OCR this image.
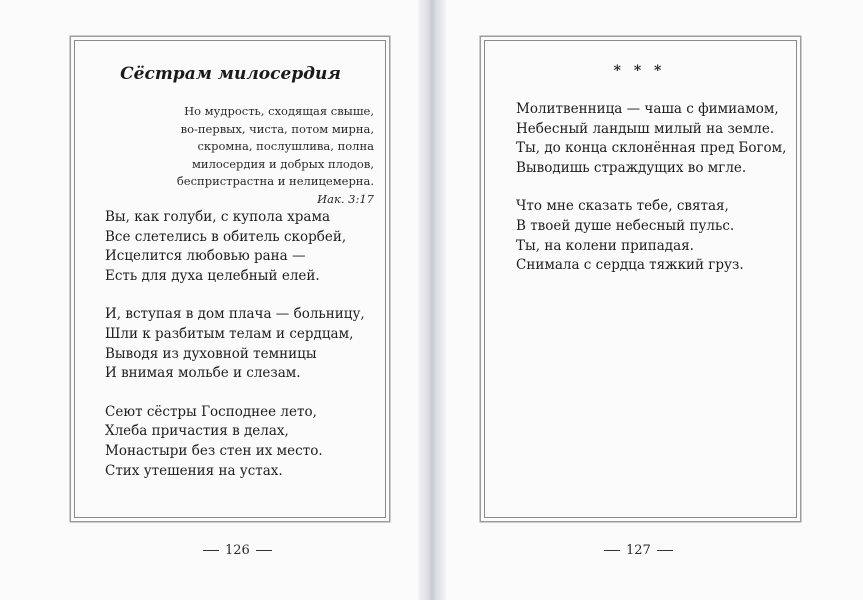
Сёстрам милосердия
Но мудрость, сходящая свыше,
во-первых, чиста, потом мирна,
скромна, послушлива, полна
милосердия и добрых плодов,
беспристрастна и нелицемерна.
Иак. 3:17
Вы, как голуби, с купола храма
Все слетелись в обитель скорбей,
Исцелится любовью рана —
Есть для духа целебный елей.
И, вступая в дом плача — больницу,
Шли к разбитым телам и сердцам,
Выводя из духовной темницы
И внимая мольбе и слезам.
Сеют сёстры Господнее лето,
Хлеба причастия в делах,
Монастыри без стен их место.
Стих утешения на устах.
126
* * *
Молитвенница — чаша с фимиамом,
Небесный ландыш милый на земле.
Ты, до конца склонённая пред Богом,
Выводишь страждущих во мгле.
Что мне сказать тебе, святая,
В твоей душе небесный пульс.
Ты, на колени припадая.
Снимала с сердца тяжкий груз.
127
